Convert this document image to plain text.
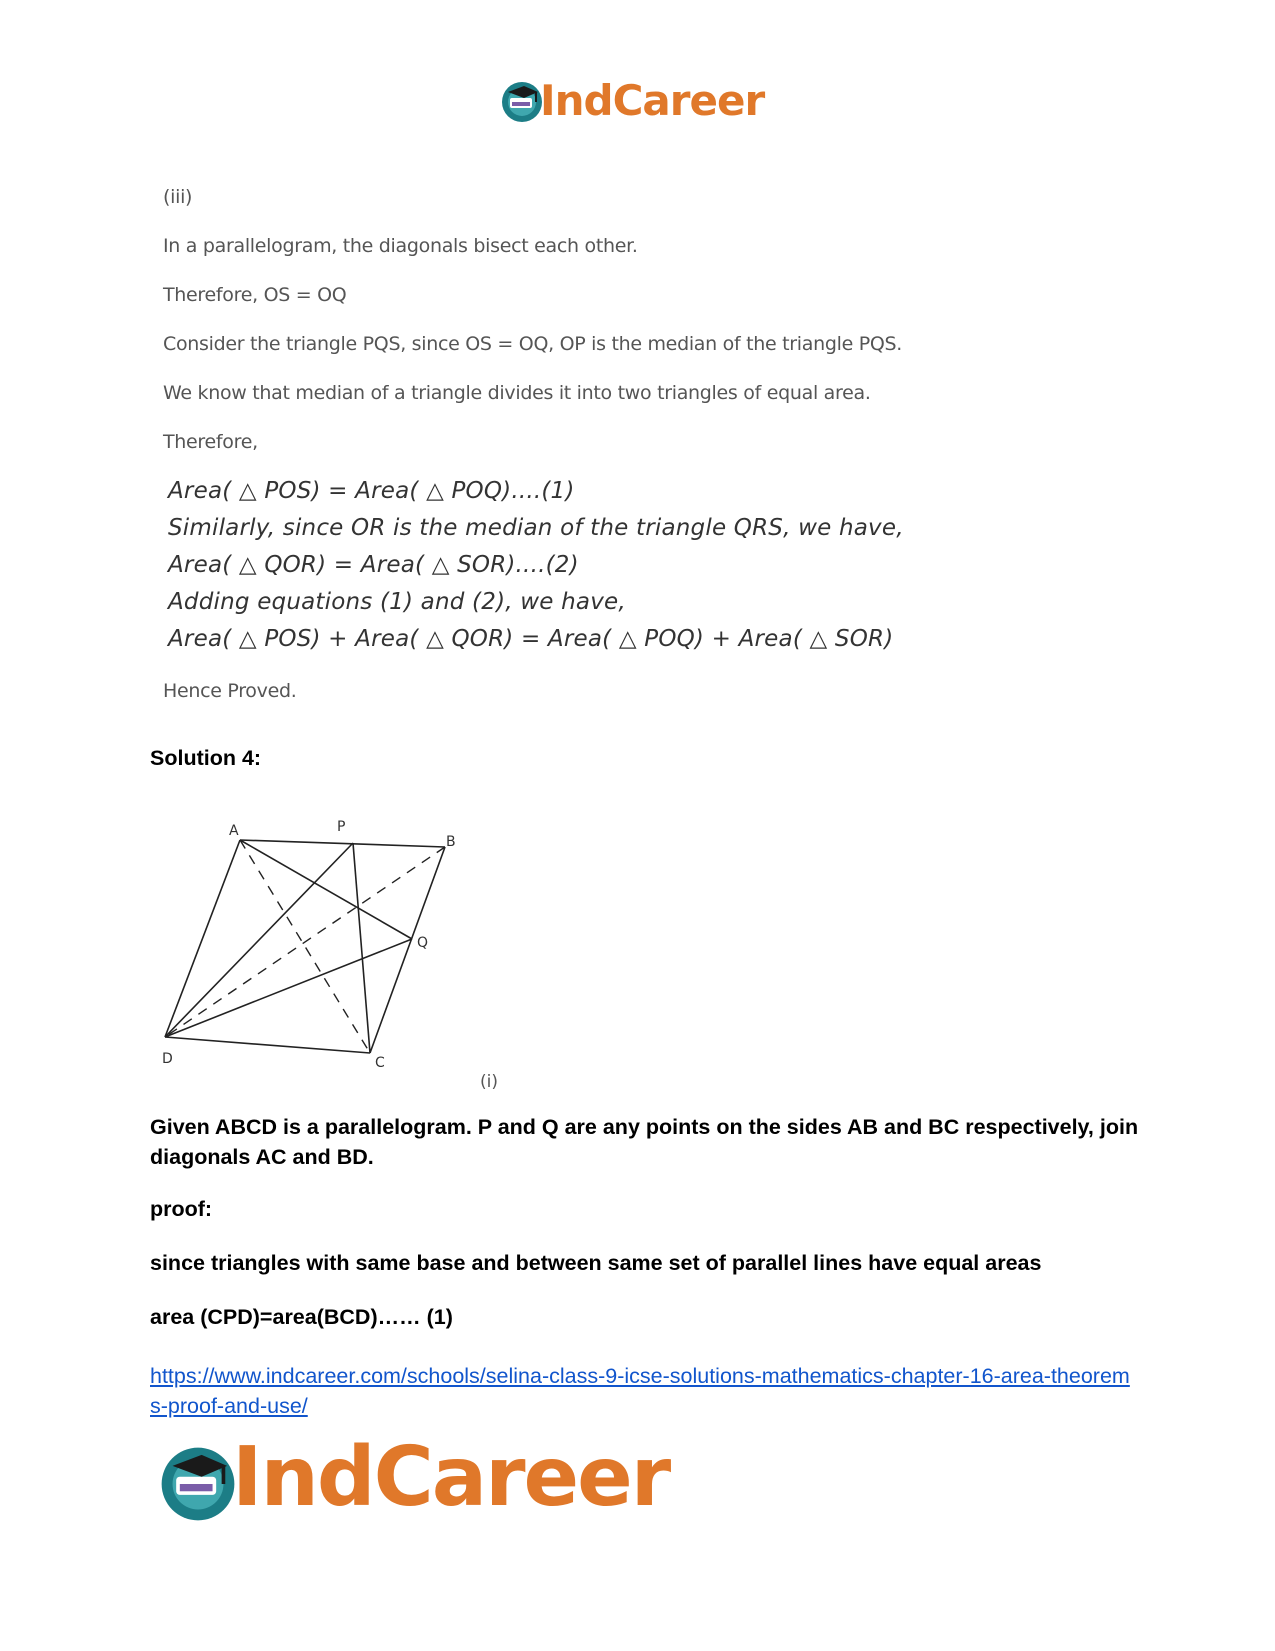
IndCareer
(iii)
In a parallelogram, the diagonals bisect each other.
Therefore, OS = OQ
Consider the triangle PQS, since OS = OQ, OP is the median of the triangle PQS.
We know that median of a triangle divides it into two triangles of equal area.
Therefore,
Area( △ POS) = Area( △ POQ)....(1)
Similarly, since OR is the median of the triangle QRS, we have,
Area( △ QOR) = Area( △ SOR)....(2)
Adding equations (1) and (2), we have,
Area( △ POS) + Area( △ QOR) = Area( △ POQ) + Area( △ SOR)
Hence Proved.
Solution 4:
A	P
B
Q
D	C
(i)
Given ABCD is a parallelogram. P and Q are any points on the sides AB and BC respectively, join diagonals AC and BD.
proof:
since triangles with same base and between same set of parallel lines have equal areas
area (CPD)=area(BCD)…… (1)
https://www.indcareer.com/schools/selina-class-9-icse-solutions-mathematics-chapter-16-area-theorems-proof-and-use/
IndCareer
